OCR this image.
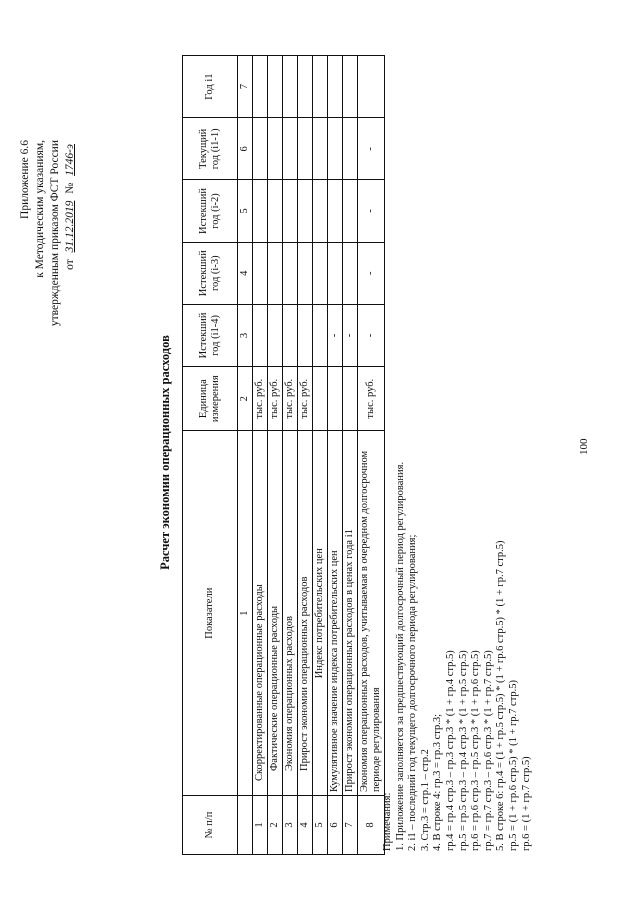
Приложение 6.6 к Методическим указаниям, утвержденным приказом ФСТ России от 31.12.2019 № 1746-э
Расчет экономии операционных расходов
№ п/п	Показатели	Единица измерения	Истекший год (i1-4)	Истекший год (i-3)	Истекший год (i-2)	Текущий год (i1-1)	Год i1
	1	2	3	4	5	6	7
1	Скорректированные операционные расходы	тыс. руб.					
2	Фактические операционные расходы	тыс. руб.					
3	Экономия операционных расходов	тыс. руб.					
4	Прирост экономии операционных расходов	тыс. руб.					
5	Индекс потребительских цен						
6	Кумулятивное значение индекса потребительских цен		-				
7	Прирост экономии операционных расходов в ценах года i1		-				
8	Экономия операционных расходов, учитываемая в очередном долгосрочном периоде регулирования	тыс. руб.	-	-	-	-	
Примечания: 1. Приложение заполняется за предшествующий долгосрочный период регулирования. 2. i1 – последний год текущего долгосрочного периода регулирования; 3. Стр.3 = стр.1 – стр.2 4. В строке 4: гр.3 = гр.3 стр.3; гр.4 = гр.4 стр.3 – гр.3 стр.3 * (1 + гр.4 стр.5) гр.5 = гр.5 стр.3 – гр.4 стр.3 * (1 + гр.5 стр.5) гр.6 = гр.6 стр.3 – гр.5 стр.3 * (1 + гр.6 стр.5) гр.7 = гр.7 стр.3 – гр.6 стр.3 * (1 + гр.7 стр.5) 5. В строке 6: гр.4 = (1 + гр.5 стр.5) * (1 + гр.6 стр.5) * (1 + гр.7 стр.5) гр.5 = (1 + гр.6 стр.5) * (1 + гр.7 стр.5) гр.6 = (1 + гр.7 стр.5)
100
